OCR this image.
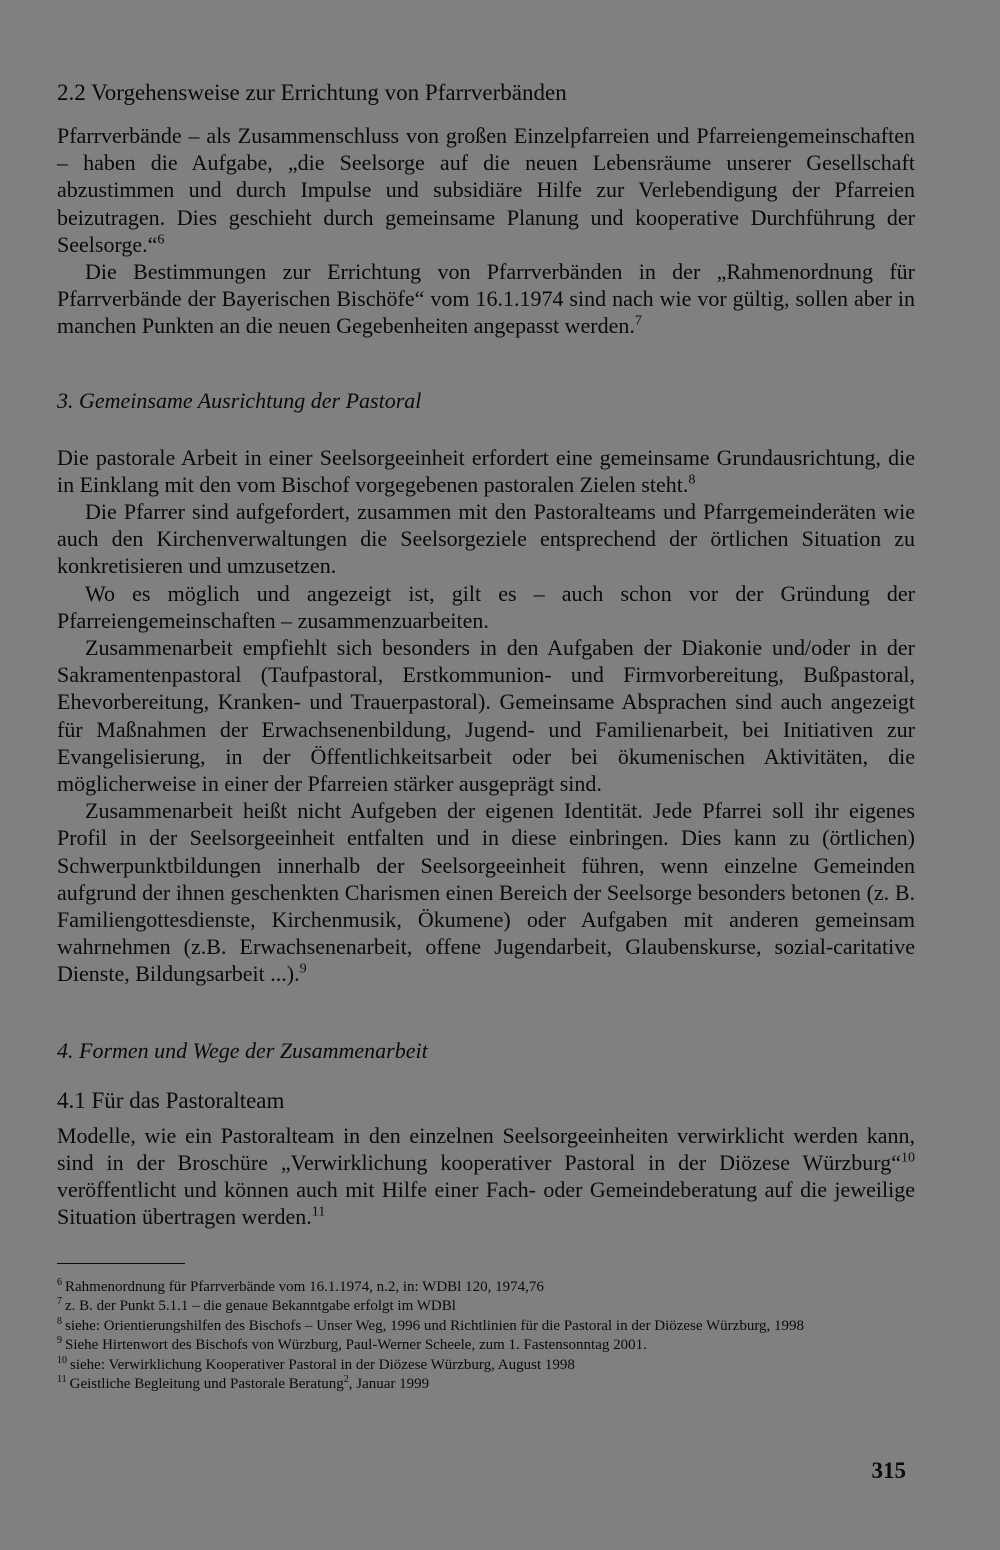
2.2 Vorgehensweise zur Errichtung von Pfarrverbänden

Pfarrverbände – als Zusammenschluss von großen Einzelpfarreien und Pfarreiengemeinschaften – haben die Aufgabe, „die Seelsorge auf die neuen Lebensräume unserer Gesellschaft abzustimmen und durch Impulse und subsidiäre Hilfe zur Verlebendigung der Pfarreien beizutragen. Dies geschieht durch gemeinsame Planung und kooperative Durchführung der Seelsorge.“$^6$

Die Bestimmungen zur Errichtung von Pfarrverbänden in der „Rahmenordnung für Pfarrverbände der Bayerischen Bischöfe“ vom 16.1.1974 sind nach wie vor gültig, sollen aber in manchen Punkten an die neuen Gegebenheiten angepasst werden.$^7$

3. Gemeinsame Ausrichtung der Pastoral

Die pastorale Arbeit in einer Seelsorgeeinheit erfordert eine gemeinsame Grundausrichtung, die in Einklang mit den vom Bischof vorgegebenen pastoralen Zielen steht.$^8$

Die Pfarrer sind aufgefordert, zusammen mit den Pastoralteams und Pfarrgemeinderäten wie auch den Kirchenverwaltungen die Seelsorgeziele entsprechend der örtlichen Situation zu konkretisieren und umzusetzen.

Wo es möglich und angezeigt ist, gilt es – auch schon vor der Gründung der Pfarreiengemeinschaften – zusammenzuarbeiten.

Zusammenarbeit empfiehlt sich besonders in den Aufgaben der Diakonie und/oder in der Sakramentenpastoral (Taufpastoral, Erstkommunion- und Firmvorbereitung, Bußpastoral, Ehevorbereitung, Kranken- und Trauerpastoral). Gemeinsame Absprachen sind auch angezeigt für Maßnahmen der Erwachsenenbildung, Jugend- und Familienarbeit, bei Initiativen zur Evangelisierung, in der Öffentlichkeitsarbeit oder bei ökumenischen Aktivitäten, die möglicherweise in einer der Pfarreien stärker ausgeprägt sind.

Zusammenarbeit heißt nicht Aufgeben der eigenen Identität. Jede Pfarrei soll ihr eigenes Profil in der Seelsorgeeinheit entfalten und in diese einbringen. Dies kann zu (örtlichen) Schwerpunktbildungen innerhalb der Seelsorgeeinheit führen, wenn einzelne Gemeinden aufgrund der ihnen geschenkten Charismen einen Bereich der Seelsorge besonders betonen (z. B. Familiengottesdienste, Kirchenmusik, Ökumene) oder Aufgaben mit anderen gemeinsam wahrnehmen (z.B. Erwachsenenarbeit, offene Jugendarbeit, Glaubenskurse, sozial-caritative Dienste, Bildungsarbeit ...).$^9$

4. Formen und Wege der Zusammenarbeit
4.1 Für das Pastoralteam

Modelle, wie ein Pastoralteam in den einzelnen Seelsorgeeinheiten verwirklicht werden kann, sind in der Broschüre „Verwirklichung kooperativer Pastoral in der Diözese Würzburg“$^{10}$ veröffentlicht und können auch mit Hilfe einer Fach- oder Gemeindeberatung auf die jeweilige Situation übertragen werden.$^{11}$

$^6$ Rahmenordnung für Pfarrverbände vom 16.1.1974, n.2, in: WDBl 120, 1974,76

$^7$ z. B. der Punkt 5.1.1 – die genaue Bekanntgabe erfolgt im WDBl

$^8$ siehe: Orientierungshilfen des Bischofs – Unser Weg, 1996 und Richtlinien für die Pastoral in der Diözese Würzburg, 1998

$^9$ Siehe Hirtenwort des Bischofs von Würzburg, Paul-Werner Scheele, zum 1. Fastensonntag 2001.

$^{10}$ siehe: Verwirklichung Kooperativer Pastoral in der Diözese Würzburg, August 1998

$^{11}$ Geistliche Begleitung und Pastorale Beratung$^2$, Januar 1999

315
